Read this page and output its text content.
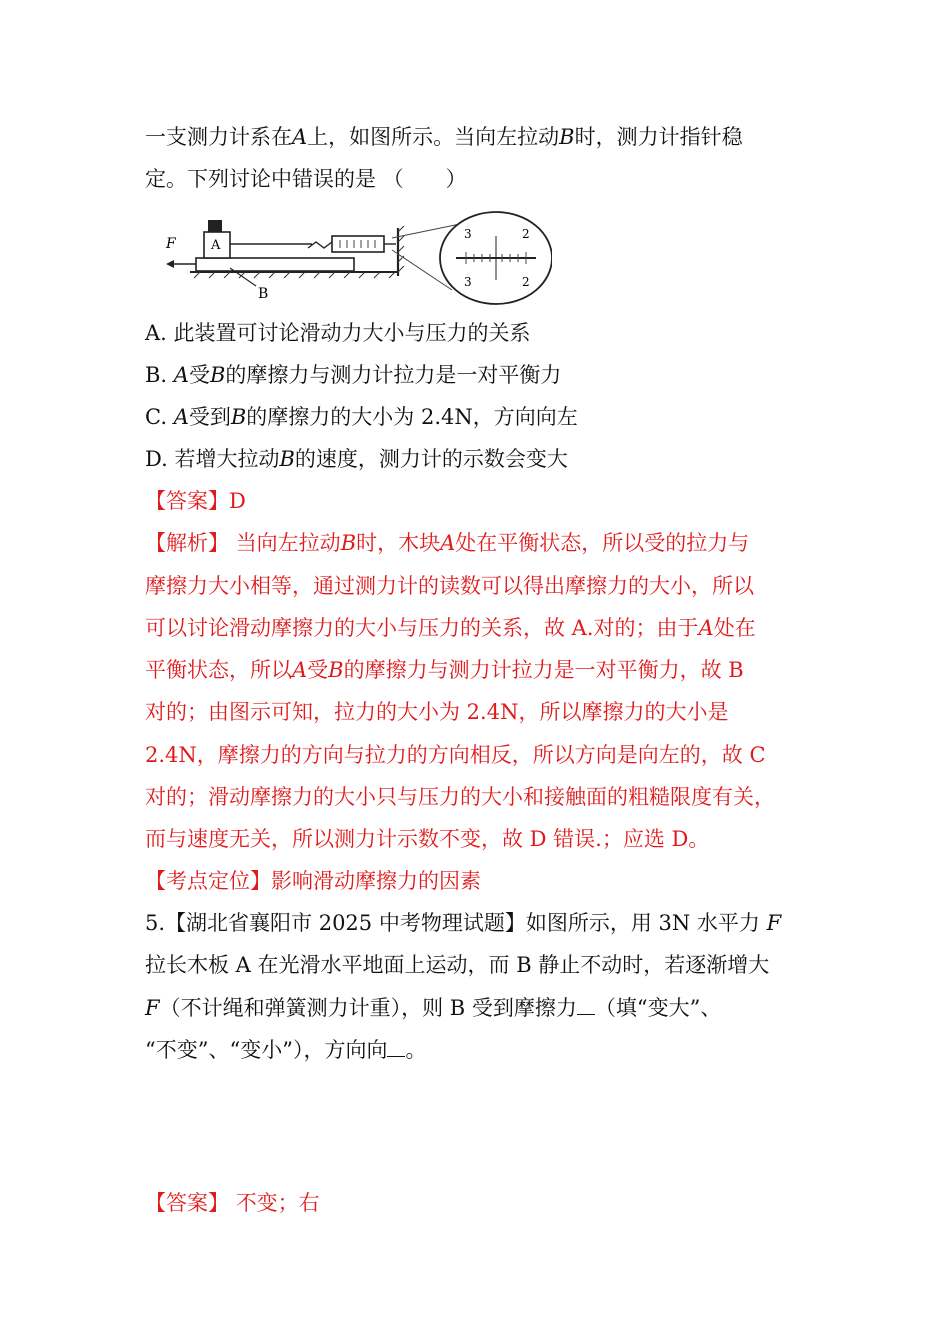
一支测力计系在A上，如图所示。当向左拉动B时，测力计指针稳
定。下列讨论中错误的是 （　　）
A
F
B
3
3
2
2
A. 此装置可讨论滑动力大小与压力的关系
B. A受B的摩擦力与测力计拉力是一对平衡力
C. A受到B的摩擦力的大小为 2.4N，方向向左
D. 若增大拉动B的速度，测力计的示数会变大
【答案】D
【解析】 当向左拉动B时，木块A处在平衡状态，所以受的拉力与
摩擦力大小相等，通过测力计的读数可以得出摩擦力的大小，所以
可以讨论滑动摩擦力的大小与压力的关系，故 A.对的；由于A处在
平衡状态，所以A受B的摩擦力与测力计拉力是一对平衡力，故 B
对的；由图示可知，拉力的大小为 2.4N，所以摩擦力的大小是
2.4N，摩擦力的方向与拉力的方向相反，所以方向是向左的，故 C
对的；滑动摩擦力的大小只与压力的大小和接触面的粗糙限度有关，
而与速度无关，所以测力计示数不变，故 D 错误.；应选 D。
【考点定位】影响滑动摩擦力的因素
5.【湖北省襄阳市 2025 中考物理试题】如图所示，用 3N 水平力 F
拉长木板 A 在光滑水平地面上运动，而 B 静止不动时，若逐渐增大
F（不计绳和弹簧测力计重），则 B 受到摩擦力 （填“变大”、
“不变”、“变小”），方向向 。
【答案】 不变；右
